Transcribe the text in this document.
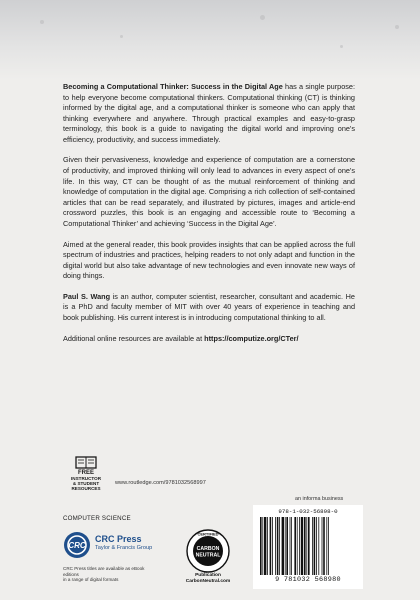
Becoming a Computational Thinker: Success in the Digital Age has a single purpose: to help everyone become computational thinkers. Computational thinking (CT) is thinking informed by the digital age, and a computational thinker is someone who can apply that thinking everywhere and anywhere. Through practical examples and easy-to-grasp terminology, this book is a guide to navigating the digital world and improving one's efficiency, productivity, and success immediately.

Given their pervasiveness, knowledge and experience of computation are a cornerstone of productivity, and improved thinking will only lead to advances in every aspect of one's life. In this way, CT can be thought of as the mutual reinforcement of thinking and knowledge of computation in the digital age. Comprising a rich collection of self-contained articles that can be read separately, and illustrated by pictures, images and article-end crossword puzzles, this book is an engaging and accessible route to ‘Becoming a Computational Thinker’ and achieving ‘Success in the Digital Age’.

Aimed at the general reader, this book provides insights that can be applied across the full spectrum of industries and practices, helping readers to not only adapt and function in the digital world but also take advantage of new technologies and even innovate new ways of doing things.

Paul S. Wang is an author, computer scientist, researcher, consultant and academic. He is a PhD and faculty member of MIT with over 40 years of experience in teaching and book publishing. His current interest is in introducing computational thinking to all.

Additional online resources are available at https://computize.org/CTer/

FREE
INSTRUCTOR
& STUDENT
RESOURCES
www.routledge.com/9781032568997
an informa business
COMPUTER SCIENCE
CRC
CRC Press
Taylor & Francis Group
CRC Press titles are available as eBook editions
in a range of digital formats
CERTIFIED
CARBON
NEUTRAL
Publication
CarbonNeutral.com
978-1-032-56898-0
9 781032 568980
